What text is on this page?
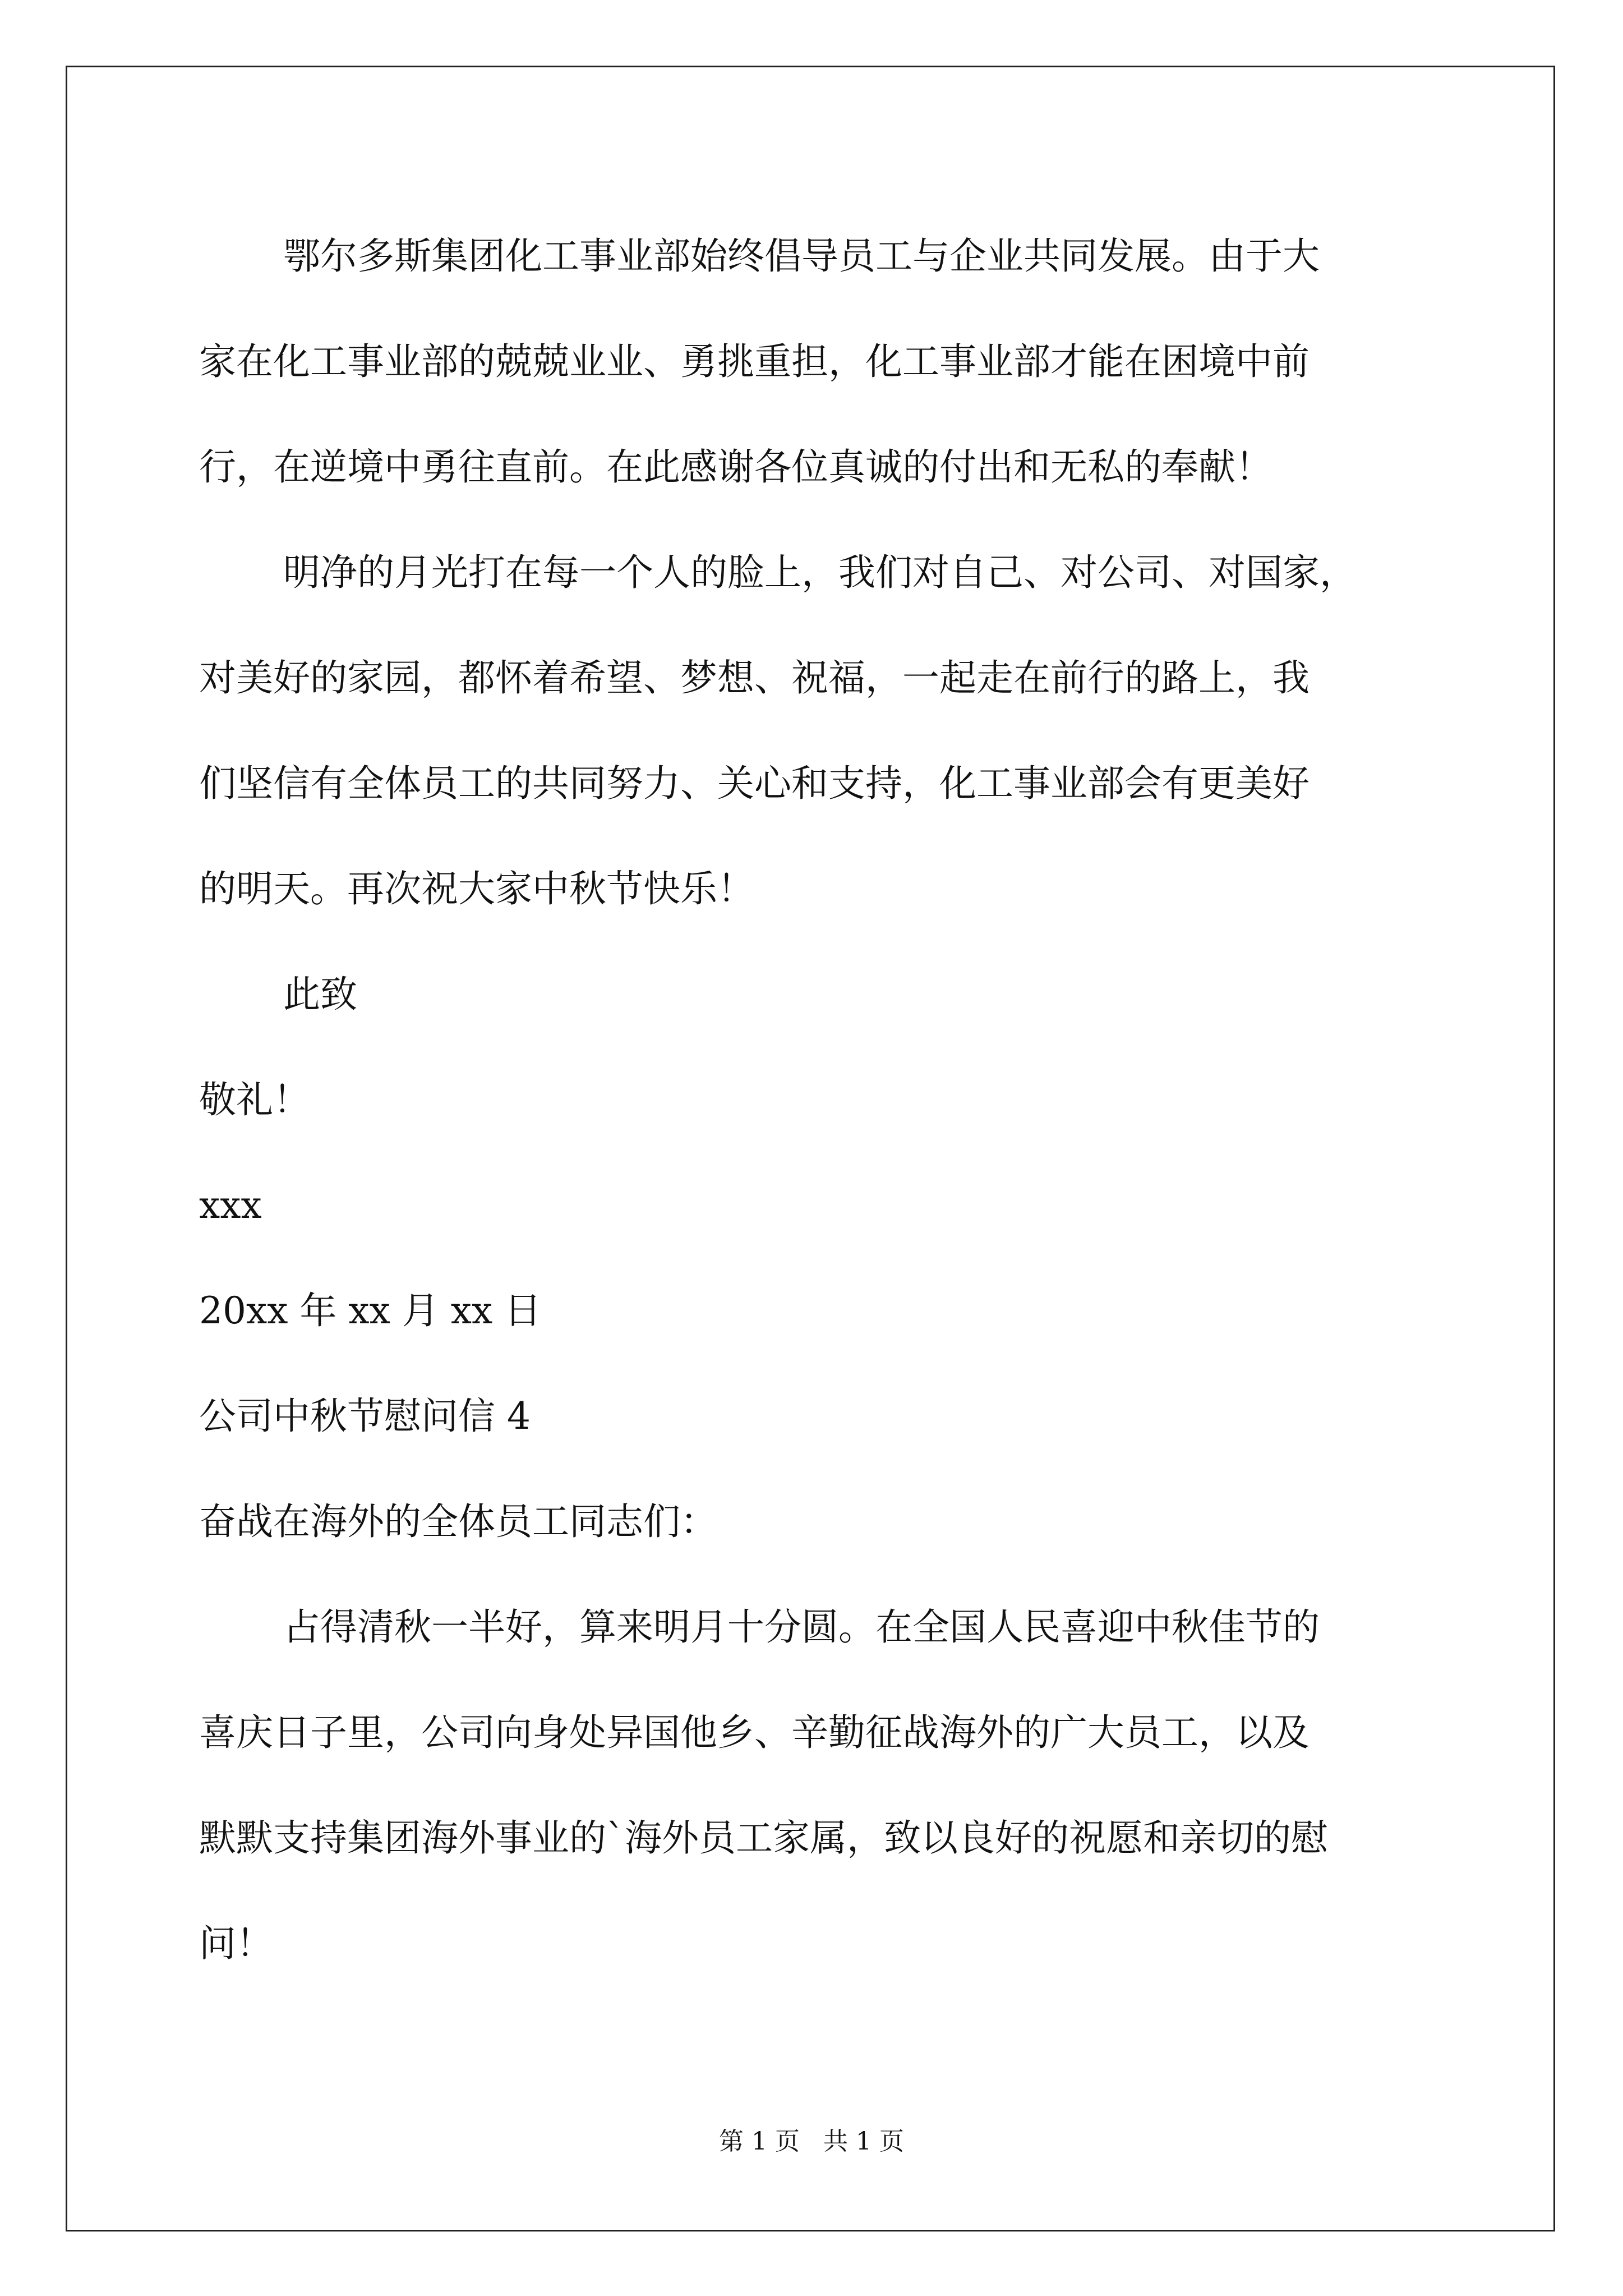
鄂尔多斯集团化工事业部始终倡导员工与企业共同发展。由于大
家在化工事业部的兢兢业业、勇挑重担，化工事业部才能在困境中前
行，在逆境中勇往直前。在此感谢各位真诚的付出和无私的奉献！
明净的月光打在每一个人的脸上，我们对自己、对公司、对国家，
对美好的家园，都怀着希望、梦想、祝福，一起走在前行的路上，我
们坚信有全体员工的共同努力、关心和支持，化工事业部会有更美好
的明天。再次祝大家中秋节快乐！
此致
敬礼！
xxx
20xx 年 xx 月 xx 日
公司中秋节慰问信 4
奋战在海外的全体员工同志们：
占得清秋一半好，算来明月十分圆。在全国人民喜迎中秋佳节的
喜庆日子里，公司向身处异国他乡、辛勤征战海外的广大员工，以及
默默支持集团海外事业的`海外员工家属，致以良好的祝愿和亲切的慰
问！
第 1 页   共 1 页
